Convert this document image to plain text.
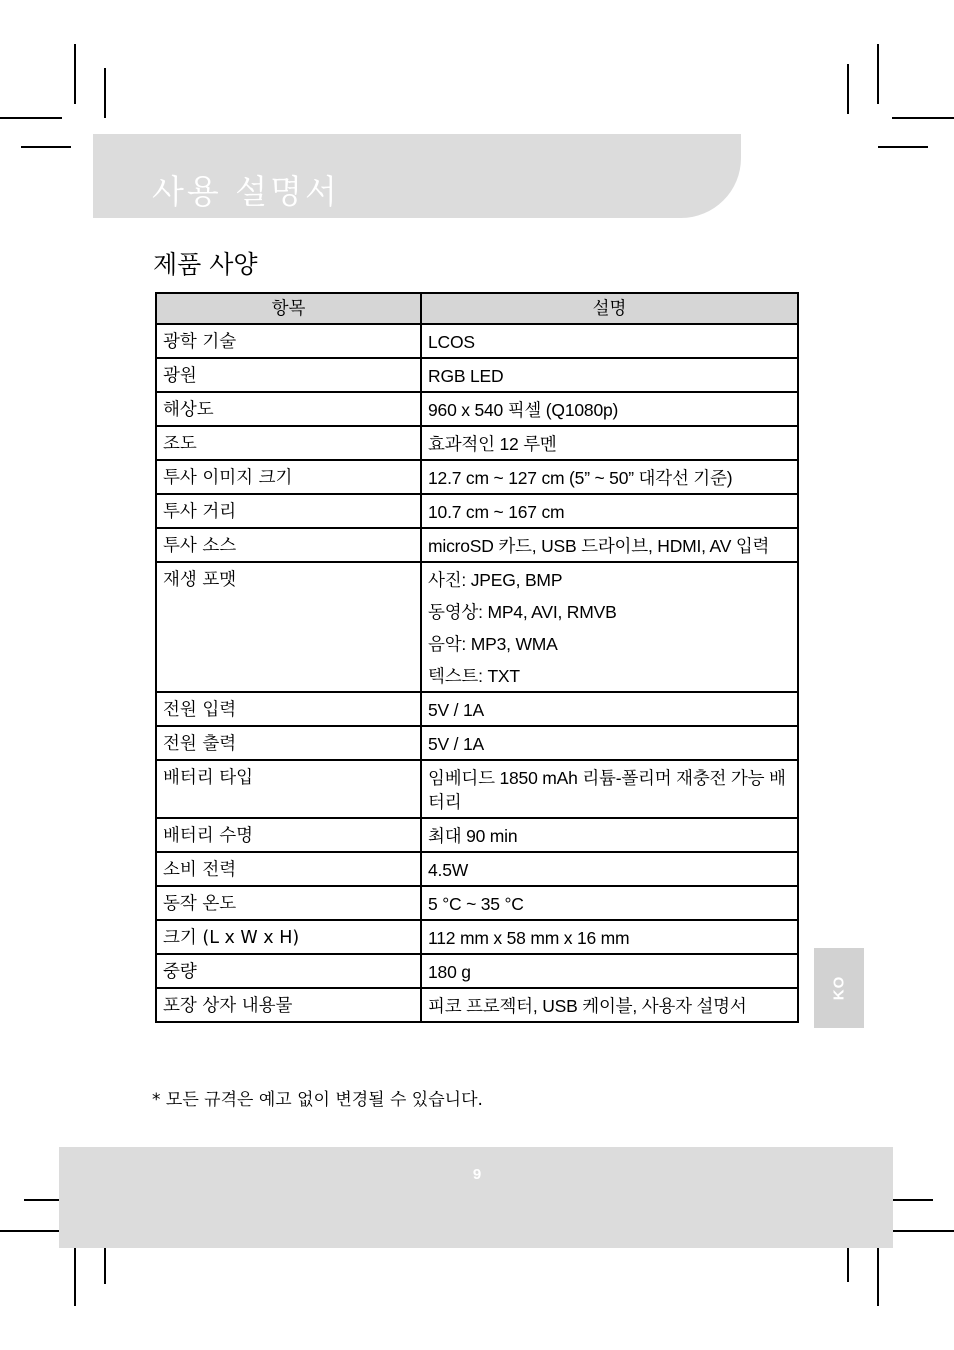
사용 설명서
제품 사양
항목	설명
광학 기술	LCOS

광원	RGB LED

해상도	960 x 540 픽셀 (Q1080p)

조도	효과적인 12 루멘

투사 이미지 크기	12.7 cm ~ 127 cm (5” ~ 50” 대각선 기준)

투사 거리	10.7 cm ~ 167 cm

투사 소스	microSD 카드, USB 드라이브, HDMI, AV 입력

재생 포맷	사진: JPEG, BMP
동영상: MP4, AVI, RMVB
음악: MP3, WMA
텍스트: TXT

전원 입력	5V / 1A

전원 출력	5V / 1A

배터리 타입	임베디드 1850 mAh 리튬-폴리머 재충전 가능 배터리

배터리 수명	최대 90 min

소비 전력	4.5W

동작 온도	5 °C ~ 35 °C

크기 (L x W x H)	112 mm x 58 mm x 16 mm

중량	180 g

포장 상자 내용물	피코 프로젝터, USB 케이블, 사용자 설명서
* 모든 규격은 예고 없이 변경될 수 있습니다.
KO
9
